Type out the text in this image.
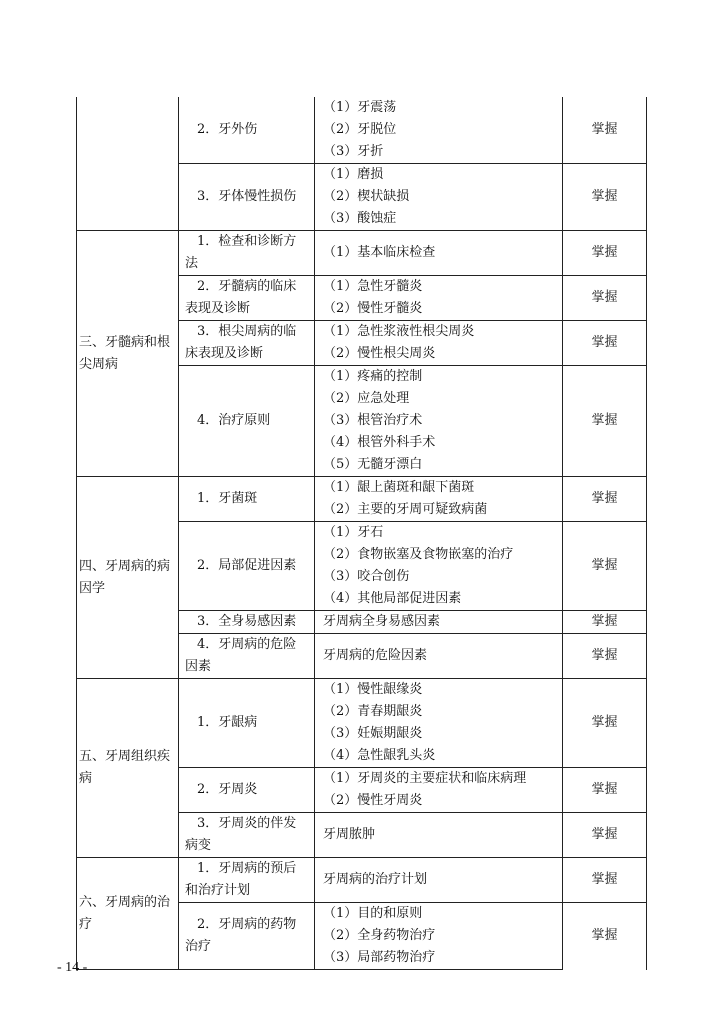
	2．牙外伤	（1）牙震荡
（2）牙脱位
（3）牙折	掌握
	3．牙体慢性损伤	（1）磨损
（2）楔状缺损
（3）酸蚀症	掌握
三、牙髓病和根尖周病	1．检查和诊断方法	（1）基本临床检查	掌握
	2．牙髓病的临床表现及诊断	（1）急性牙髓炎
（2）慢性牙髓炎	掌握
	3．根尖周病的临床表现及诊断	（1）急性浆液性根尖周炎
（2）慢性根尖周炎	掌握
	4．治疗原则	（1）疼痛的控制
（2）应急处理
（3）根管治疗术
（4）根管外科手术
（5）无髓牙漂白	掌握
四、牙周病的病因学	1．牙菌斑	（1）龈上菌斑和龈下菌斑
（2）主要的牙周可疑致病菌	掌握
	2．局部促进因素	（1）牙石
（2）食物嵌塞及食物嵌塞的治疗
（3）咬合创伤
（4）其他局部促进因素	掌握
	3．全身易感因素	牙周病全身易感因素	掌握
	4．牙周病的危险因素	牙周病的危险因素	掌握
五、牙周组织疾病	1．牙龈病	（1）慢性龈缘炎
（2）青春期龈炎
（3）妊娠期龈炎
（4）急性龈乳头炎	掌握
	2．牙周炎	（1）牙周炎的主要症状和临床病理
（2）慢性牙周炎	掌握
	3．牙周炎的伴发病变	牙周脓肿	掌握
六、牙周病的治疗	1．牙周病的预后和治疗计划	牙周病的治疗计划	掌握
	2．牙周病的药物治疗	（1）目的和原则
（2）全身药物治疗
（3）局部药物治疗	掌握
- 14 -
